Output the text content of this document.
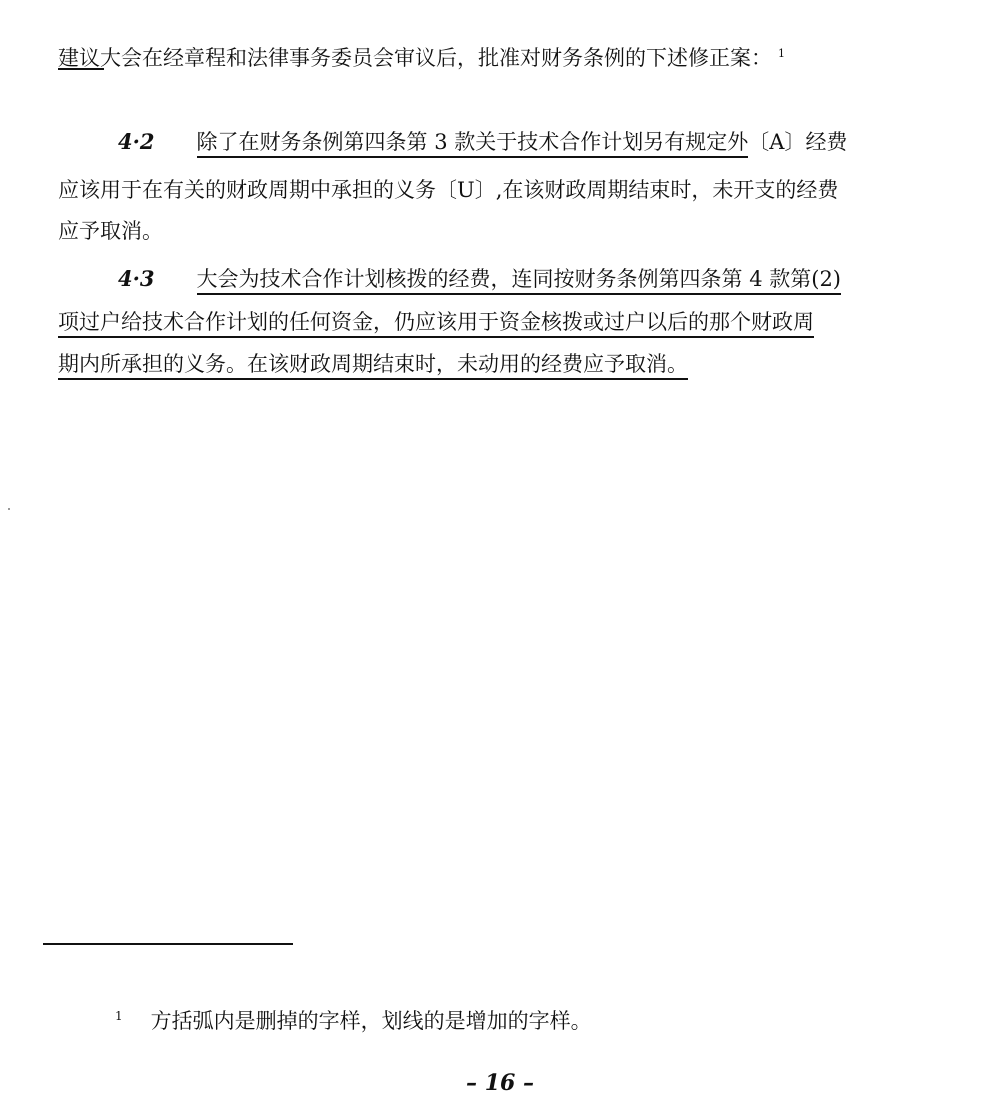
建议大会在经章程和法律事务委员会审议后，批准对财务条例的下述修正案： $^1$
4·2 除了在财务条例第四条第 3 款关于技术合作计划另有规定外〔A〕经费
应该用于在有关的财政周期中承担的义务〔U〕,在该财政周期结束时，未开支的经费
应予取消。
4·3 大会为技术合作计划核拨的经费，连同按财务条例第四条第 4 款第(2)
项过户给技术合作计划的任何资金，仍应该用于资金核拨或过户以后的那个财政周
期内所承担的义务。在该财政周期结束时，未动用的经费应予取消。
$^1$ 方括弧内是删掉的字样，划线的是增加的字样。
– 16 –
